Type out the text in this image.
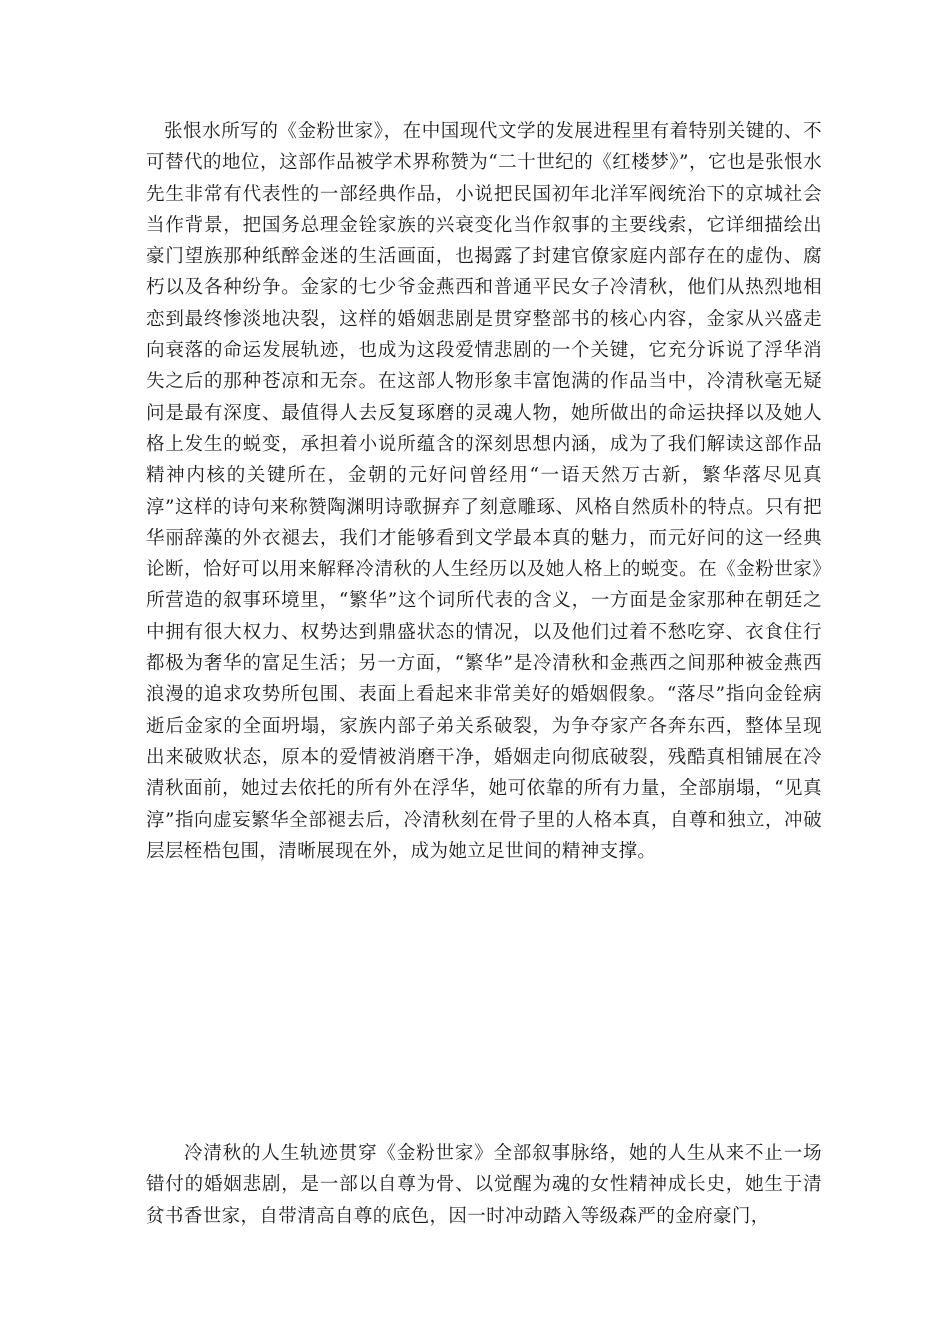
张恨水所写的《金粉世家》，在中国现代文学的发展进程里有着特别关键的、不可替代的地位，这部作品被学术界称赞为“二十世纪的《红楼梦》”，它也是张恨水先生非常有代表性的一部经典作品，小说把民国初年北洋军阀统治下的京城社会当作背景，把国务总理金铨家族的兴衰变化当作叙事的主要线索，它详细描绘出豪门望族那种纸醉金迷的生活画面，也揭露了封建官僚家庭内部存在的虚伪、腐朽以及各种纷争。金家的七少爷金燕西和普通平民女子冷清秋，他们从热烈地相恋到最终惨淡地决裂，这样的婚姻悲剧是贯穿整部书的核心内容，金家从兴盛走向衰落的命运发展轨迹，也成为这段爱情悲剧的一个关键，它充分诉说了浮华消失之后的那种苍凉和无奈。在这部人物形象丰富饱满的作品当中，冷清秋毫无疑问是最有深度、最值得人去反复琢磨的灵魂人物，她所做出的命运抉择以及她人格上发生的蜕变，承担着小说所蕴含的深刻思想内涵，成为了我们解读这部作品精神内核的关键所在，金朝的元好问曾经用“一语天然万古新，繁华落尽见真淳”这样的诗句来称赞陶渊明诗歌摒弃了刻意雕琢、风格自然质朴的特点。只有把华丽辞藻的外衣褪去，我们才能够看到文学最本真的魅力，而元好问的这一经典论断，恰好可以用来解释冷清秋的人生经历以及她人格上的蜕变。在《金粉世家》所营造的叙事环境里，“繁华”这个词所代表的含义，一方面是金家那种在朝廷之中拥有很大权力、权势达到鼎盛状态的情况，以及他们过着不愁吃穿、衣食住行都极为奢华的富足生活；另一方面，“繁华”是冷清秋和金燕西之间那种被金燕西浪漫的追求攻势所包围、表面上看起来非常美好的婚姻假象。“落尽”指向金铨病逝后金家的全面坍塌，家族内部子弟关系破裂，为争夺家产各奔东西，整体呈现出来破败状态，原本的爱情被消磨干净，婚姻走向彻底破裂，残酷真相铺展在冷清秋面前，她过去依托的所有外在浮华，她可依靠的所有力量，全部崩塌，“见真淳”指向虚妄繁华全部褪去后，冷清秋刻在骨子里的人格本真，自尊和独立，冲破层层桎梏包围，清晰展现在外，成为她立足世间的精神支撑。

冷清秋的人生轨迹贯穿《金粉世家》全部叙事脉络，她的人生从来不止一场错付的婚姻悲剧，是一部以自尊为骨、以觉醒为魂的女性精神成长史，她生于清贫书香世家，自带清高自尊的底色，因一时冲动踏入等级森严的金府豪门，
